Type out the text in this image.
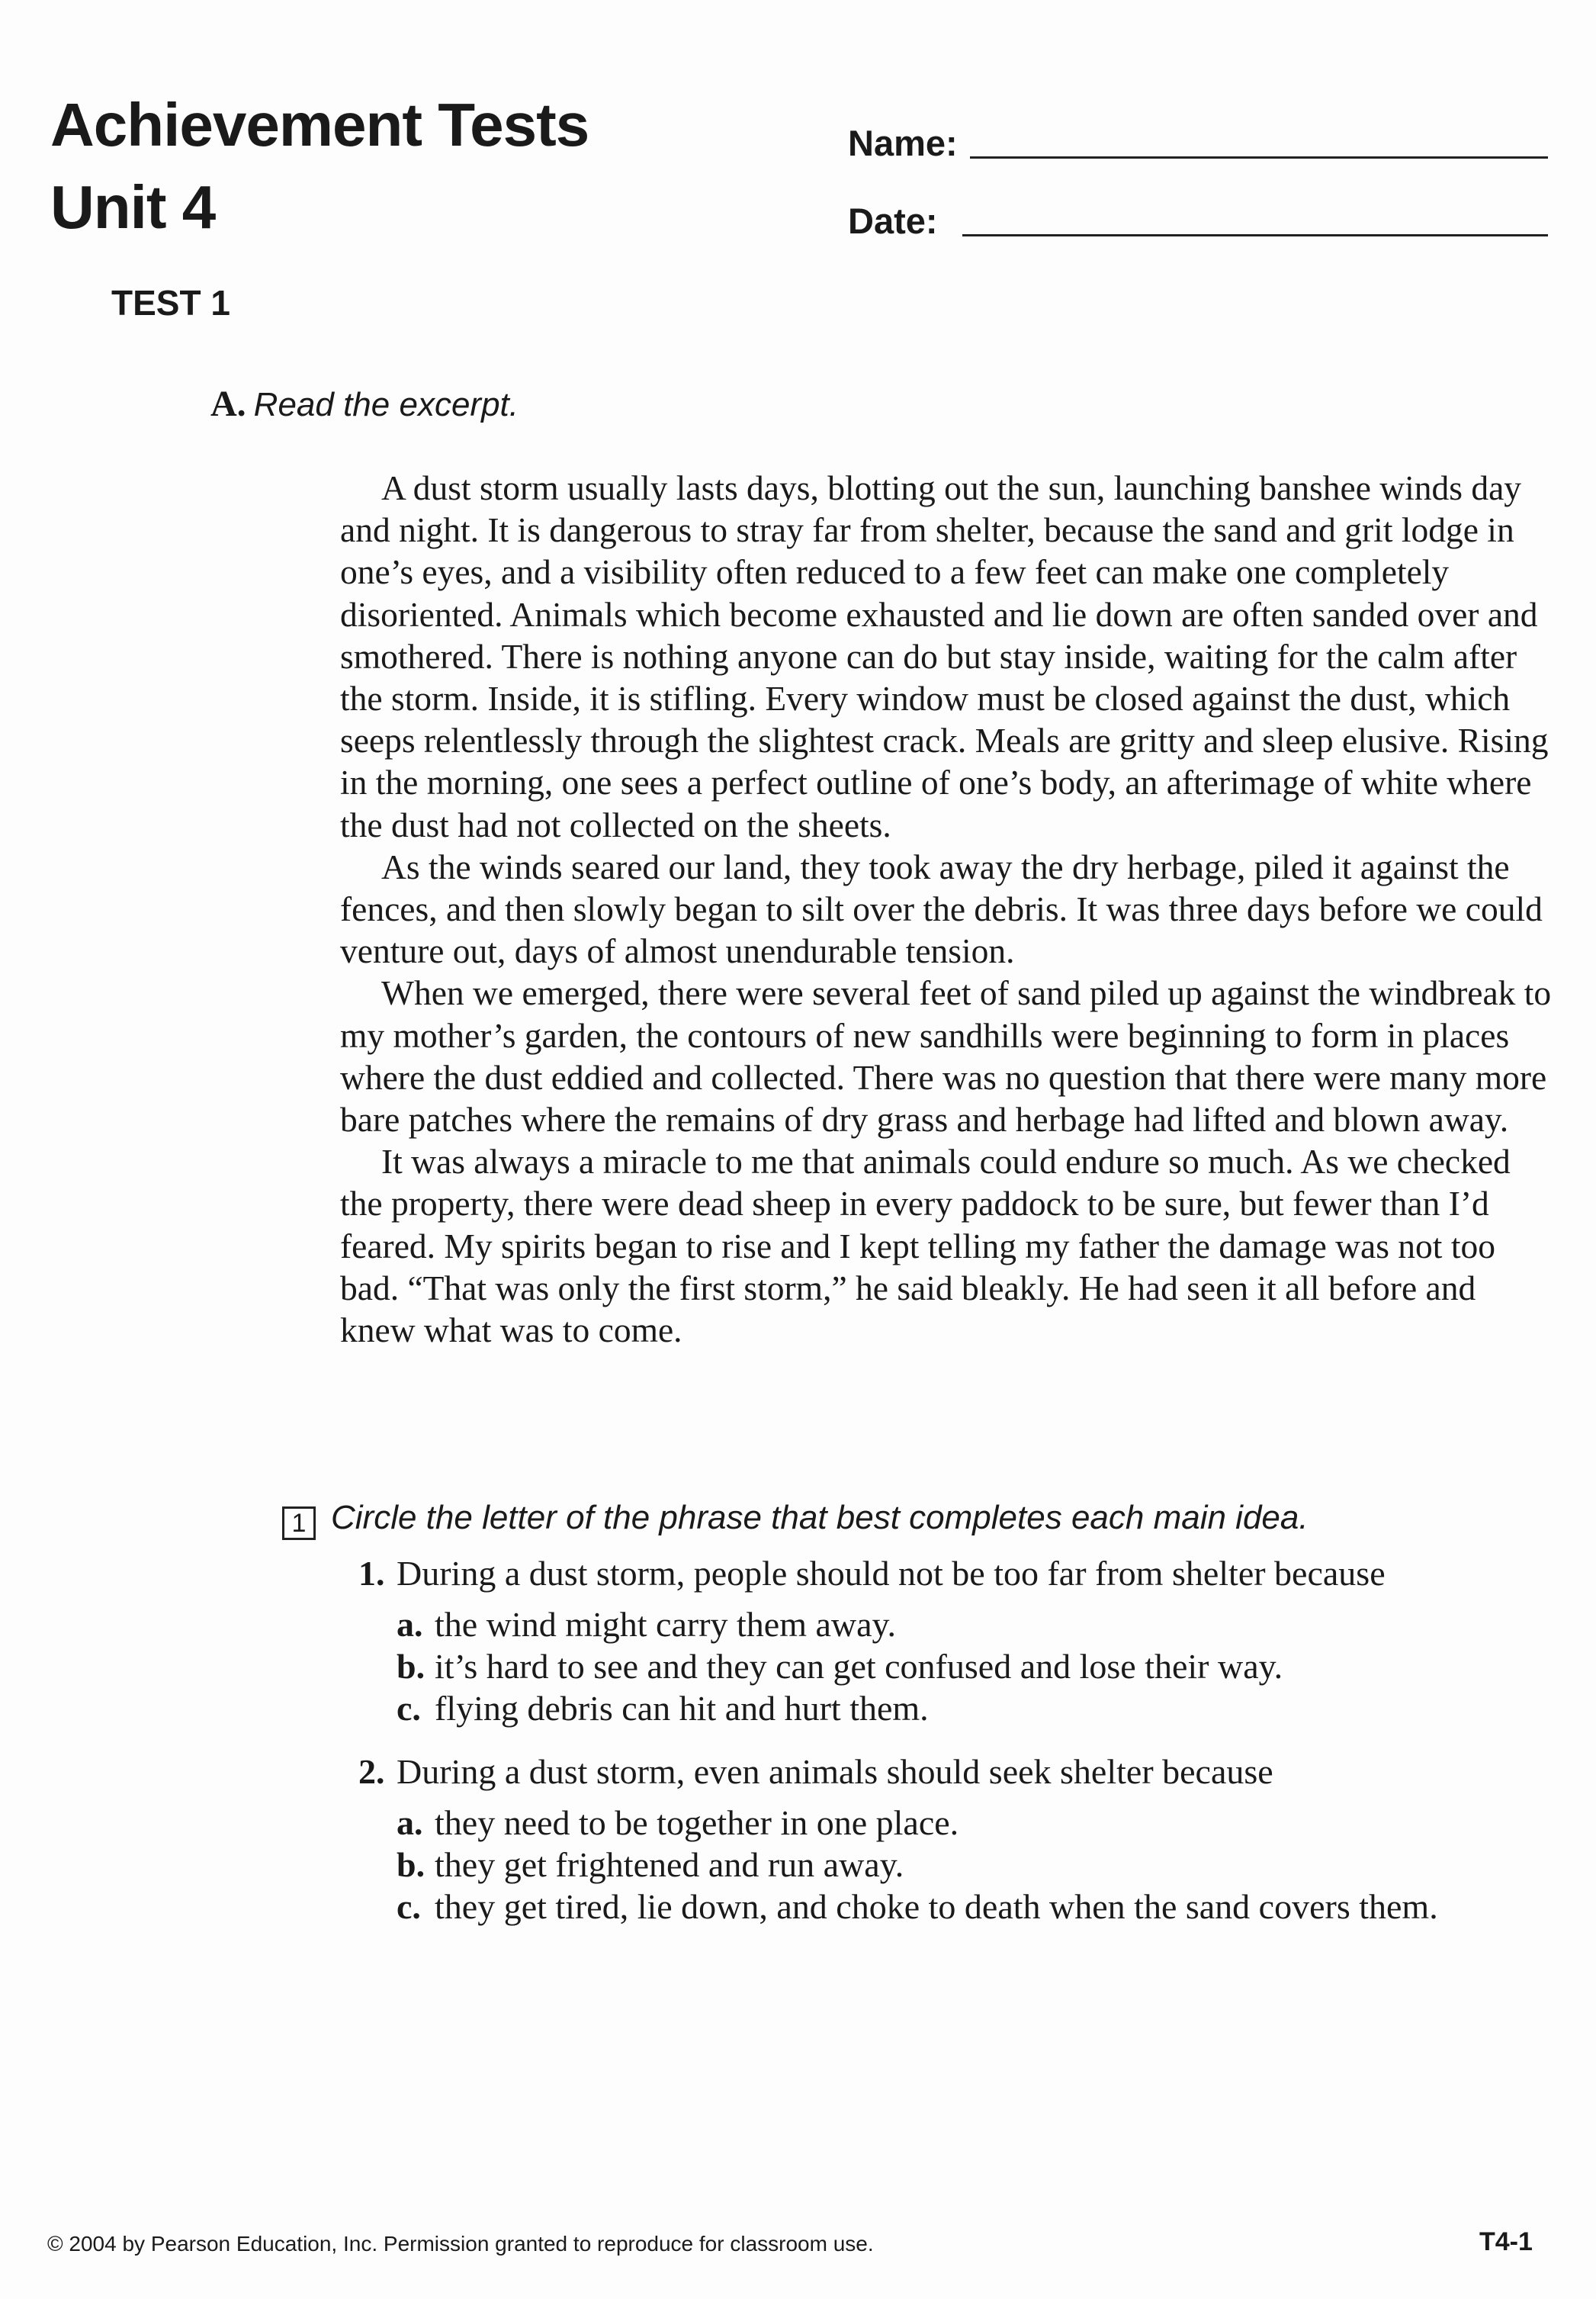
Achievement Tests
Unit 4
Name:
Date:
TEST 1
A. Read the excerpt.

A dust storm usually lasts days, blotting out the sun, launching banshee winds day and night. It is dangerous to stray far from shelter, because the sand and grit lodge in one’s eyes, and a visibility often reduced to a few feet can make one completely disoriented. Animals which become exhausted and lie down are often sanded over and smothered. There is nothing anyone can do but stay inside, waiting for the calm after the storm. Inside, it is stifling. Every window must be closed against the dust, which seeps relentlessly through the slightest crack. Meals are gritty and sleep elusive. Rising in the morning, one sees a perfect outline of one’s body, an afterimage of white where the dust had not collected on the sheets.

As the winds seared our land, they took away the dry herbage, piled it against the fences, and then slowly began to silt over the debris. It was three days before we could venture out, days of almost unendurable tension.

When we emerged, there were several feet of sand piled up against the windbreak to my mother’s garden, the contours of new sandhills were beginning to form in places where the dust eddied and collected. There was no question that there were many more bare patches where the remains of dry grass and herbage had lifted and blown away.

It was always a miracle to me that animals could endure so much. As we checked the property, there were dead sheep in every paddock to be sure, but fewer than I’d feared. My spirits began to rise and I kept telling my father the damage was not too bad. “That was only the first storm,” he said bleakly. He had seen it all before and knew what was to come.

1 Circle the letter of the phrase that best completes each main idea.
1. During a dust storm, people should not be too far from shelter because
a. the wind might carry them away.
b. it’s hard to see and they can get confused and lose their way.
c. flying debris can hit and hurt them.
2. During a dust storm, even animals should seek shelter because
a. they need to be together in one place.
b. they get frightened and run away.
c. they get tired, lie down, and choke to death when the sand covers them.
© 2004 by Pearson Education, Inc. Permission granted to reproduce for classroom use.	T4-1
